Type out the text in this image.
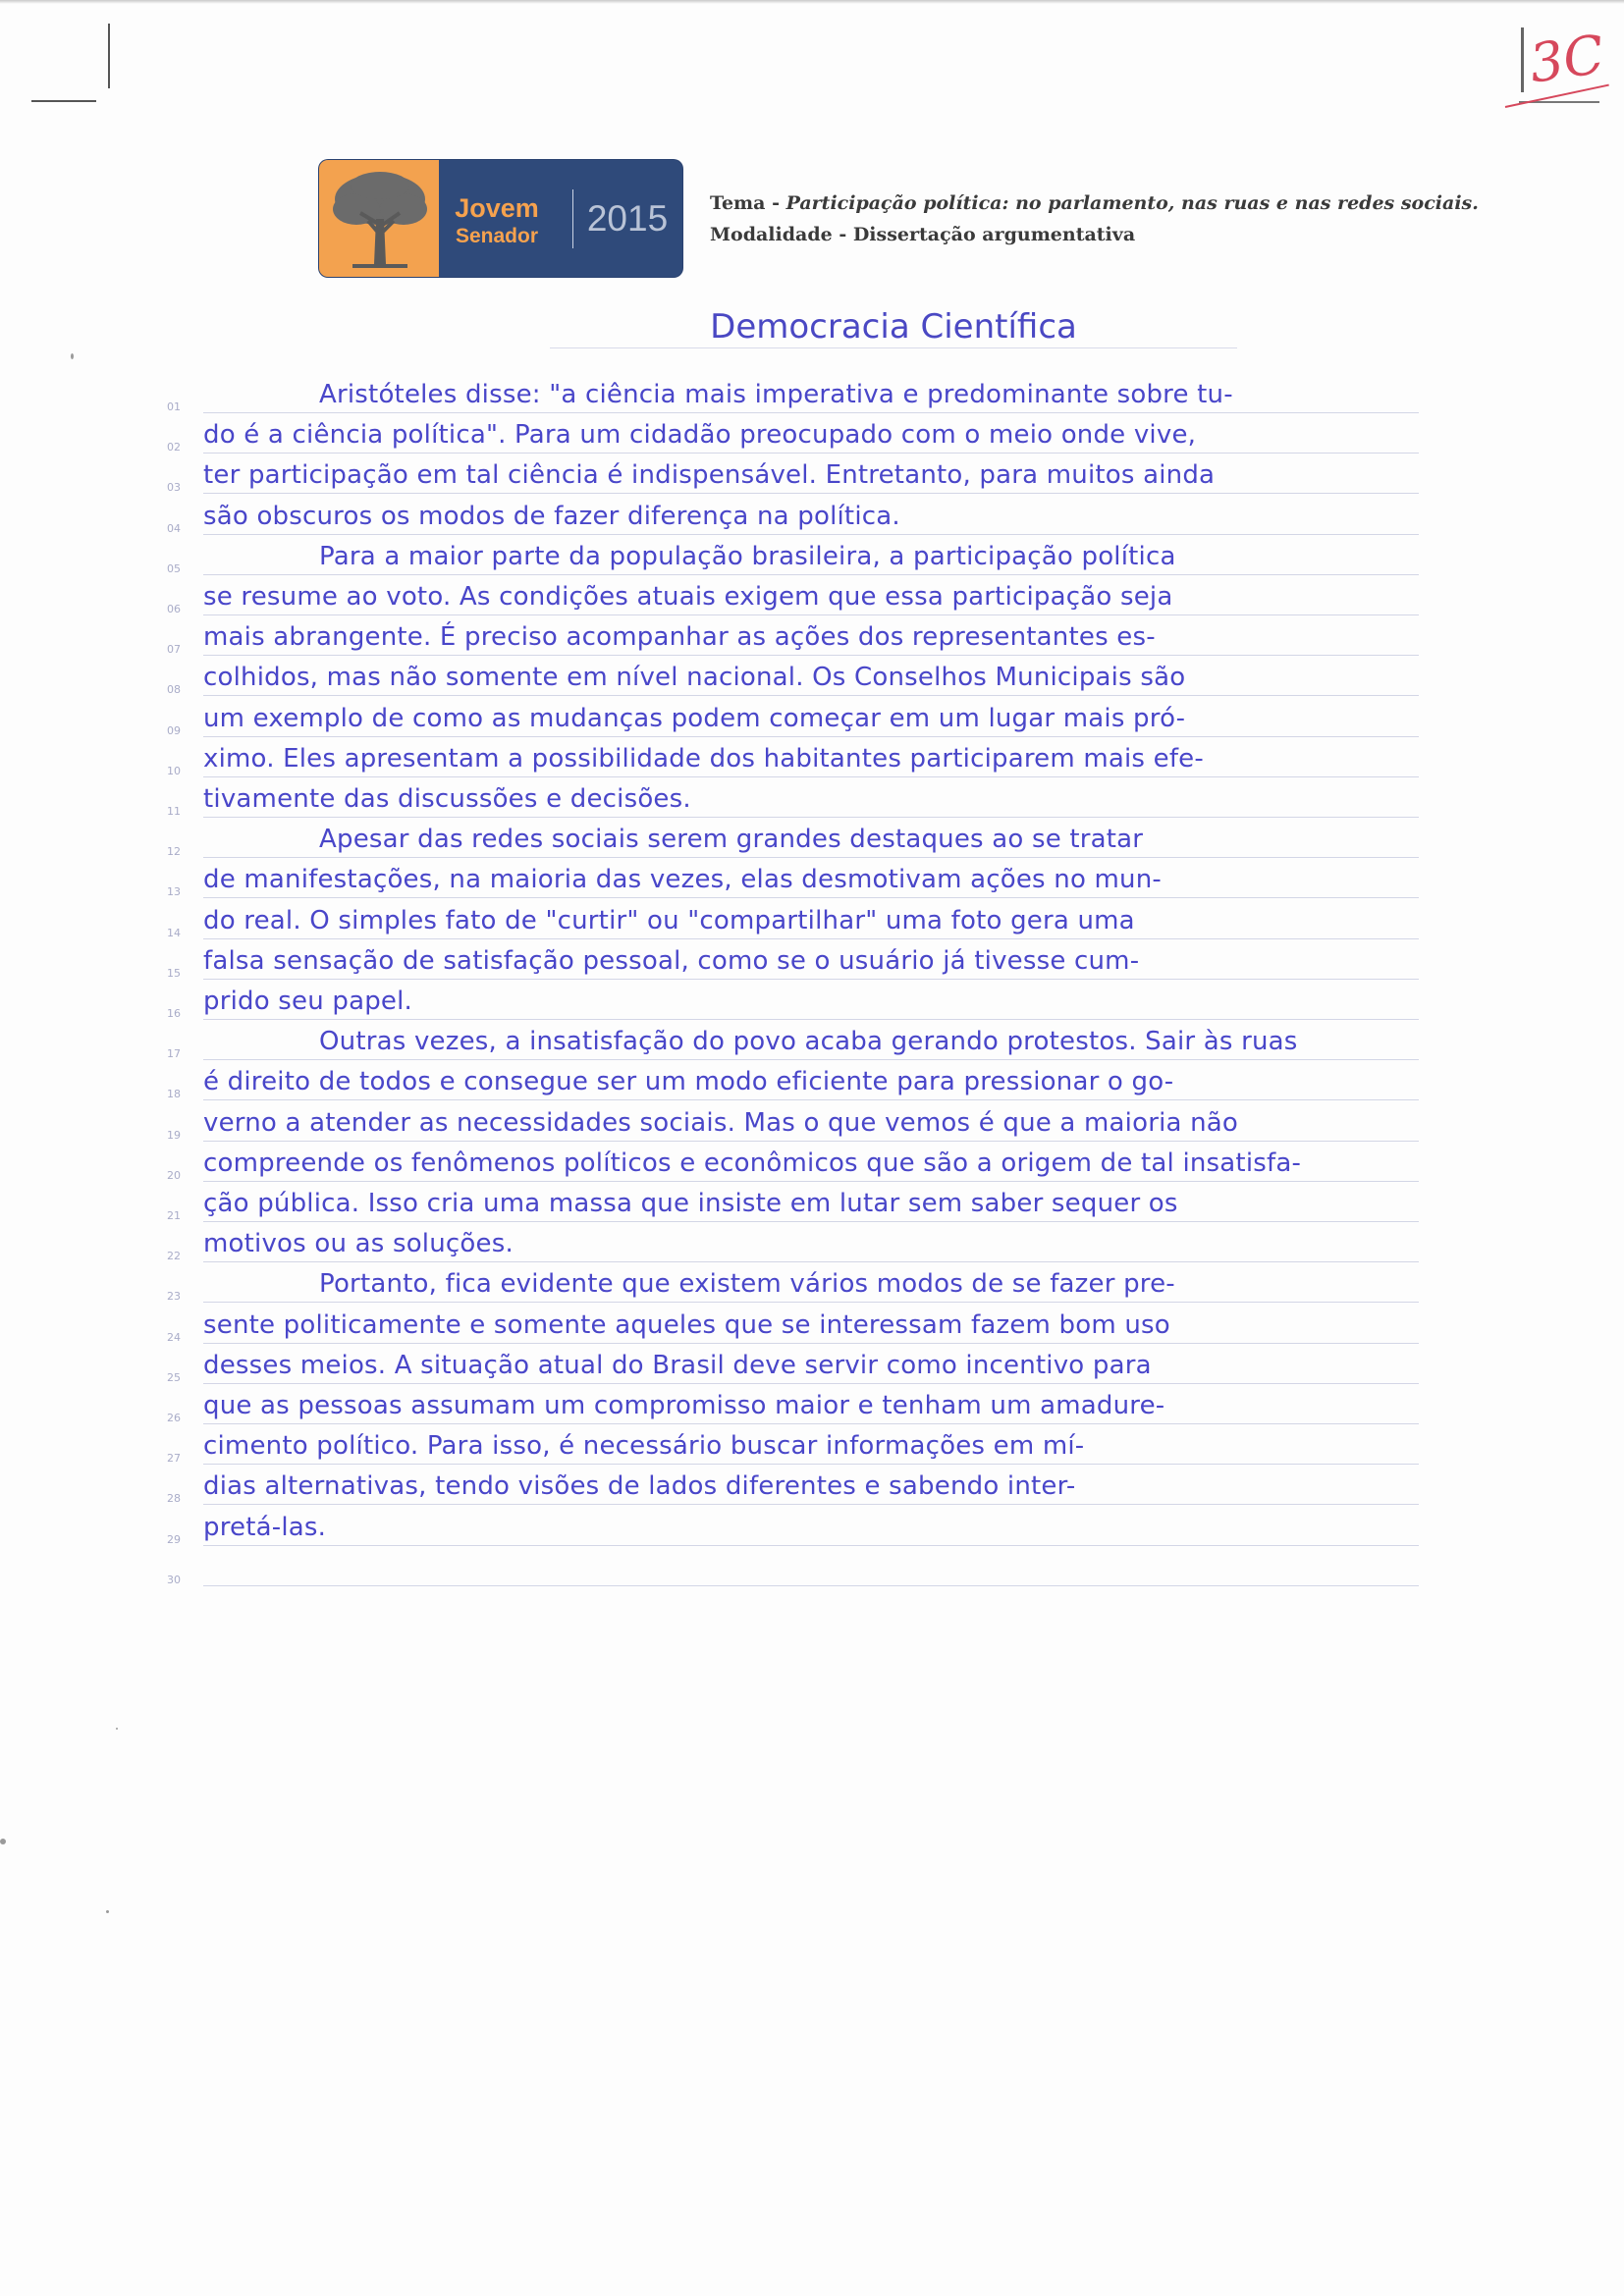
3C
Jovem
Senador 2015	Tema - Participação política: no parlamento, nas ruas e nas redes sociais.
Modalidade - Dissertação argumentativa
Democracia Científica
01	Aristóteles disse: "a ciência mais imperativa e predominante sobre tu-
02 do é a ciência política". Para um cidadão preocupado com o meio onde vive,
03 ter participação em tal ciência é indispensável. Entretanto, para muitos ainda
04 são obscuros os modos de fazer diferença na política.
05	Para a maior parte da população brasileira, a participação política
06 se resume ao voto. As condições atuais exigem que essa participação seja
07 mais abrangente. É preciso acompanhar as ações dos representantes es-
08 colhidos, mas não somente em nível nacional. Os Conselhos Municipais são
09 um exemplo de como as mudanças podem começar em um lugar mais pró-
10 ximo. Eles apresentam a possibilidade dos habitantes participarem mais efe-
11 tivamente das discussões e decisões.
12	Apesar das redes sociais serem grandes destaques ao se tratar
13 de manifestações, na maioria das vezes, elas desmotivam ações no mun-
14 do real. O simples fato de "curtir" ou "compartilhar" uma foto gera uma
15 falsa sensação de satisfação pessoal, como se o usuário já tivesse cum-
16 prido seu papel.
17	Outras vezes, a insatisfação do povo acaba gerando protestos. Sair às ruas
18 é direito de todos e consegue ser um modo eficiente para pressionar o go-
19 verno a atender as necessidades sociais. Mas o que vemos é que a maioria não
20 compreende os fenômenos políticos e econômicos que são a origem de tal insatisfa-
21 ção pública. Isso cria uma massa que insiste em lutar sem saber sequer os
22 motivos ou as soluções.
23	Portanto, fica evidente que existem vários modos de se fazer pre-
24 sente politicamente e somente aqueles que se interessam fazem bom uso
25 desses meios. A situação atual do Brasil deve servir como incentivo para
26 que as pessoas assumam um compromisso maior e tenham um amadure-
27 cimento político. Para isso, é necessário buscar informações em mí-
28 dias alternativas, tendo visões de lados diferentes e sabendo inter-
29 pretá-las.
30
